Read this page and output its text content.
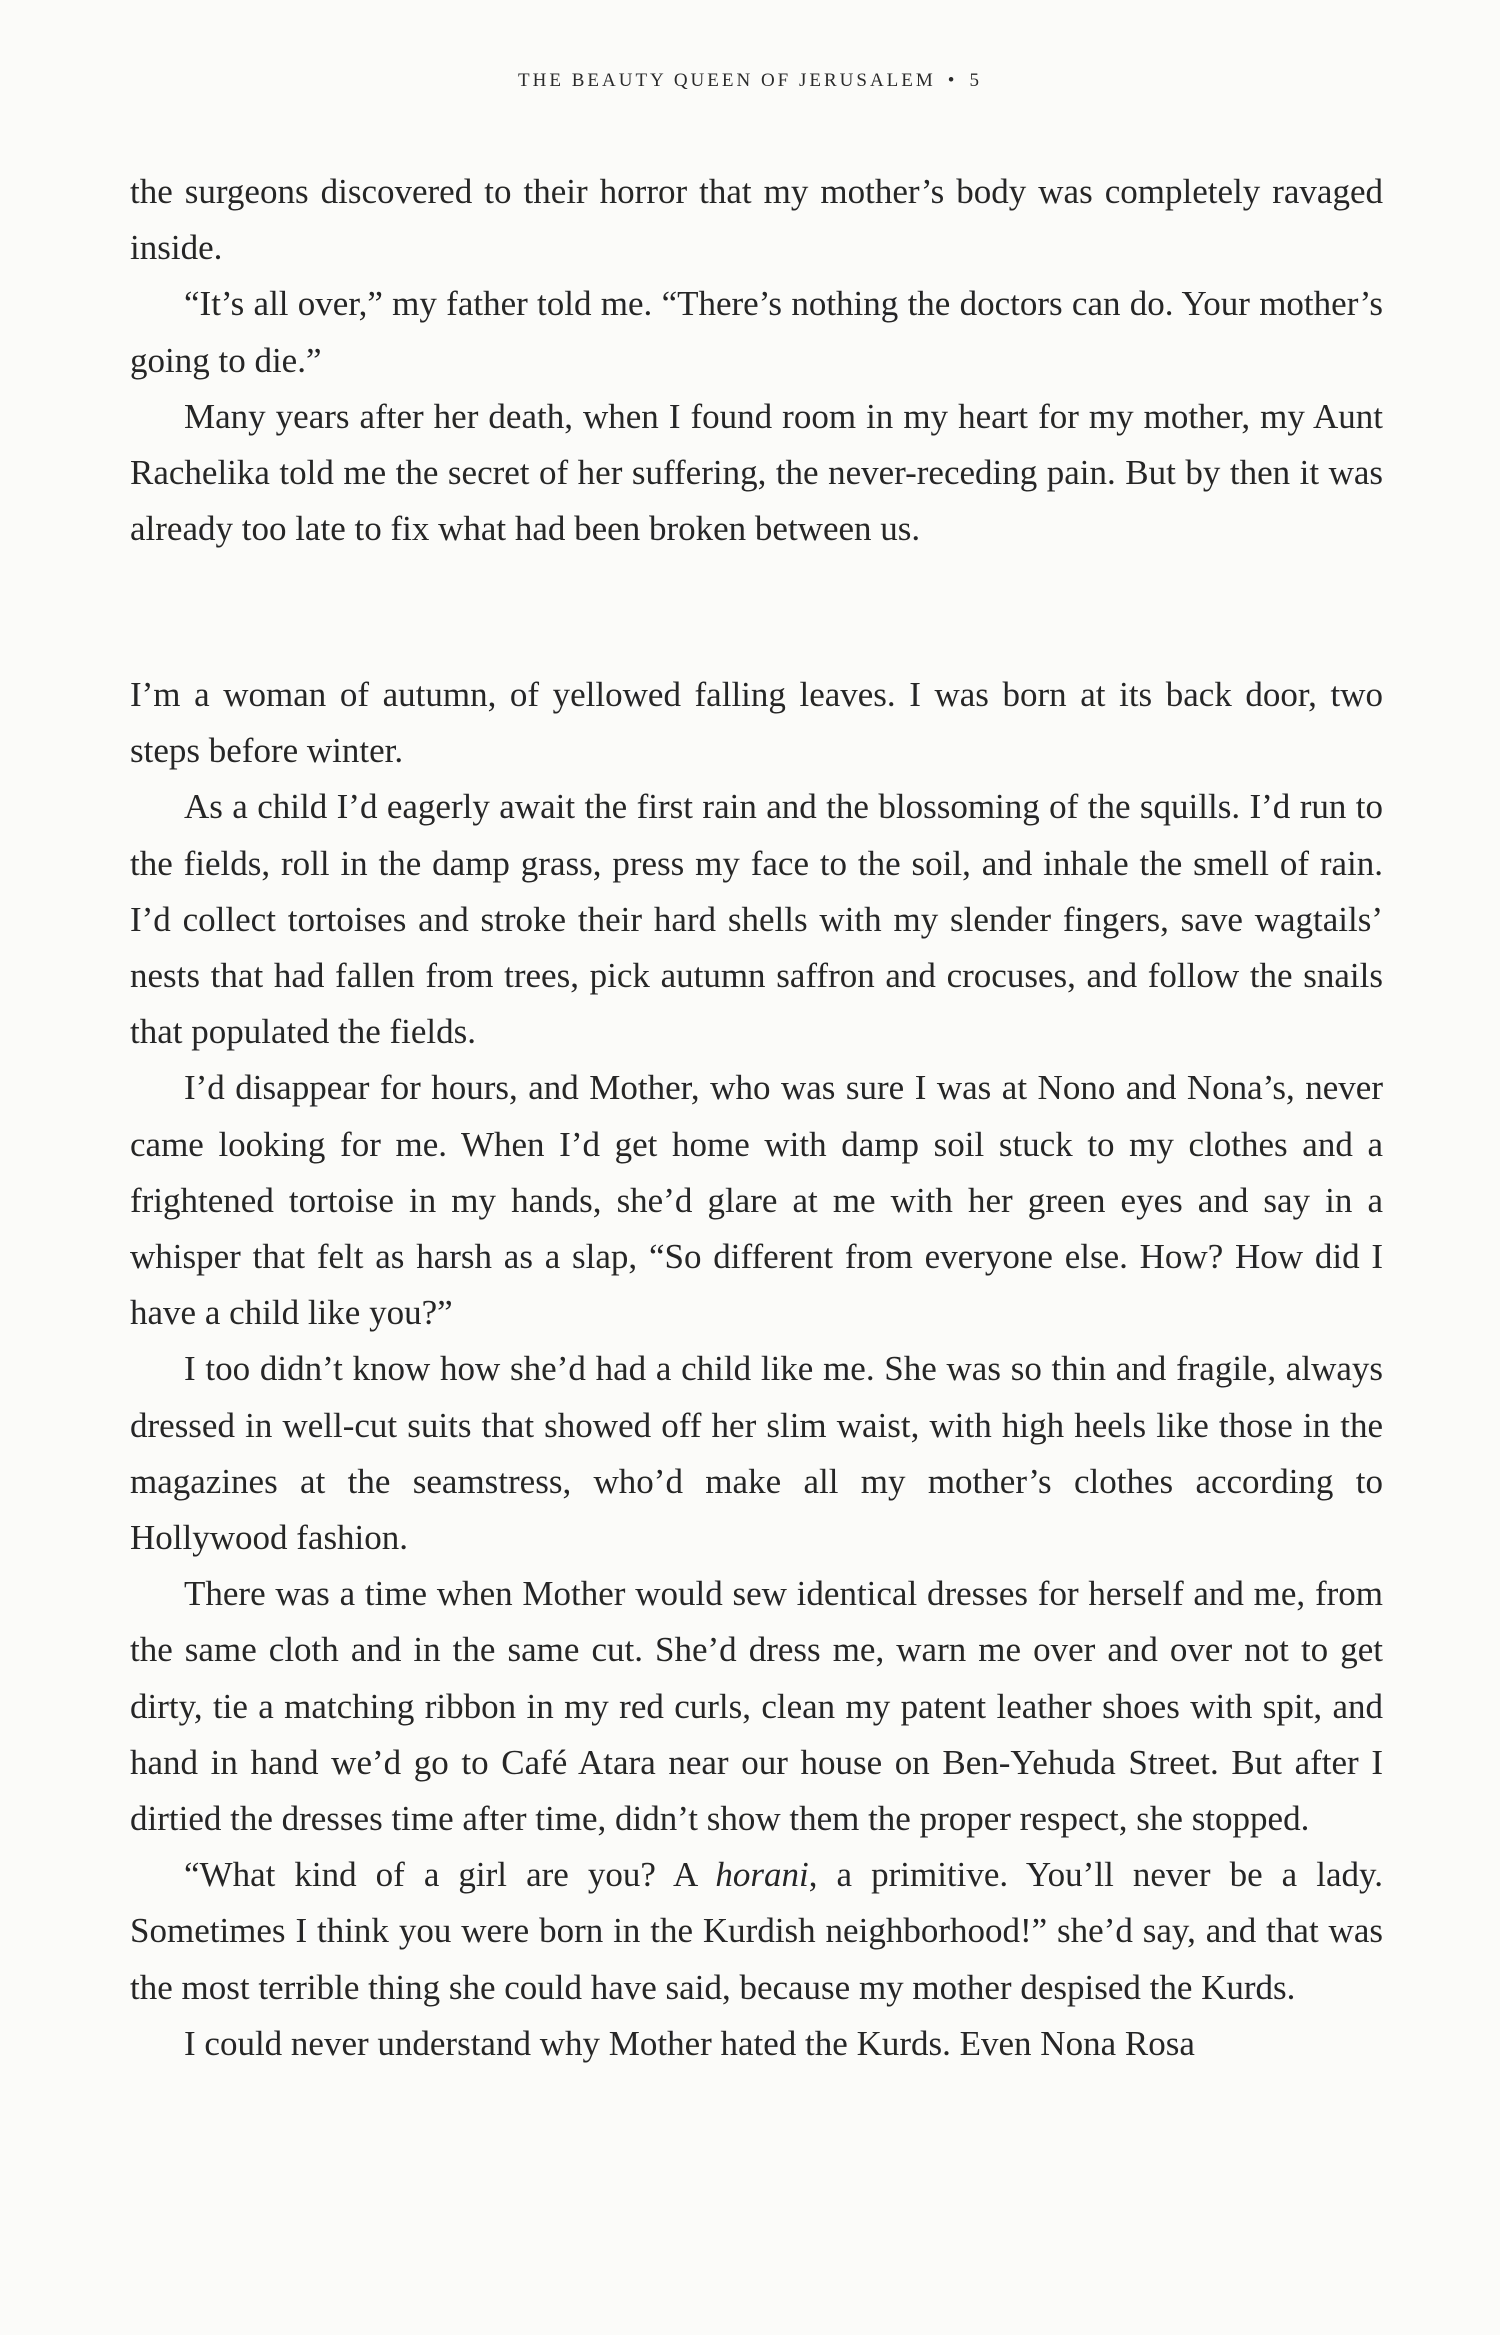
THE BEAUTY QUEEN OF JERUSALEM • 5

the surgeons discovered to their horror that my mother’s body was completely ravaged inside.

“It’s all over,” my father told me. “There’s nothing the doctors can do. Your mother’s going to die.”

Many years after her death, when I found room in my heart for my mother, my Aunt Rachelika told me the secret of her suffering, the never-receding pain. But by then it was already too late to fix what had been broken between us.

I’m a woman of autumn, of yellowed falling leaves. I was born at its back door, two steps before winter.

As a child I’d eagerly await the first rain and the blossoming of the squills. I’d run to the fields, roll in the damp grass, press my face to the soil, and inhale the smell of rain. I’d collect tortoises and stroke their hard shells with my slender fingers, save wagtails’ nests that had fallen from trees, pick autumn saffron and crocuses, and follow the snails that populated the fields.

I’d disappear for hours, and Mother, who was sure I was at Nono and Nona’s, never came looking for me. When I’d get home with damp soil stuck to my clothes and a frightened tortoise in my hands, she’d glare at me with her green eyes and say in a whisper that felt as harsh as a slap, “So different from everyone else. How? How did I have a child like you?”

I too didn’t know how she’d had a child like me. She was so thin and fragile, always dressed in well-cut suits that showed off her slim waist, with high heels like those in the magazines at the seamstress, who’d make all my mother’s clothes according to Hollywood fashion.

There was a time when Mother would sew identical dresses for herself and me, from the same cloth and in the same cut. She’d dress me, warn me over and over not to get dirty, tie a matching ribbon in my red curls, clean my patent leather shoes with spit, and hand in hand we’d go to Café Atara near our house on Ben-Yehuda Street. But after I dirtied the dresses time after time, didn’t show them the proper respect, she stopped.

“What kind of a girl are you? A horani, a primitive. You’ll never be a lady. Sometimes I think you were born in the Kurdish neighborhood!” she’d say, and that was the most terrible thing she could have said, because my mother despised the Kurds.

I could never understand why Mother hated the Kurds. Even Nona Rosa
